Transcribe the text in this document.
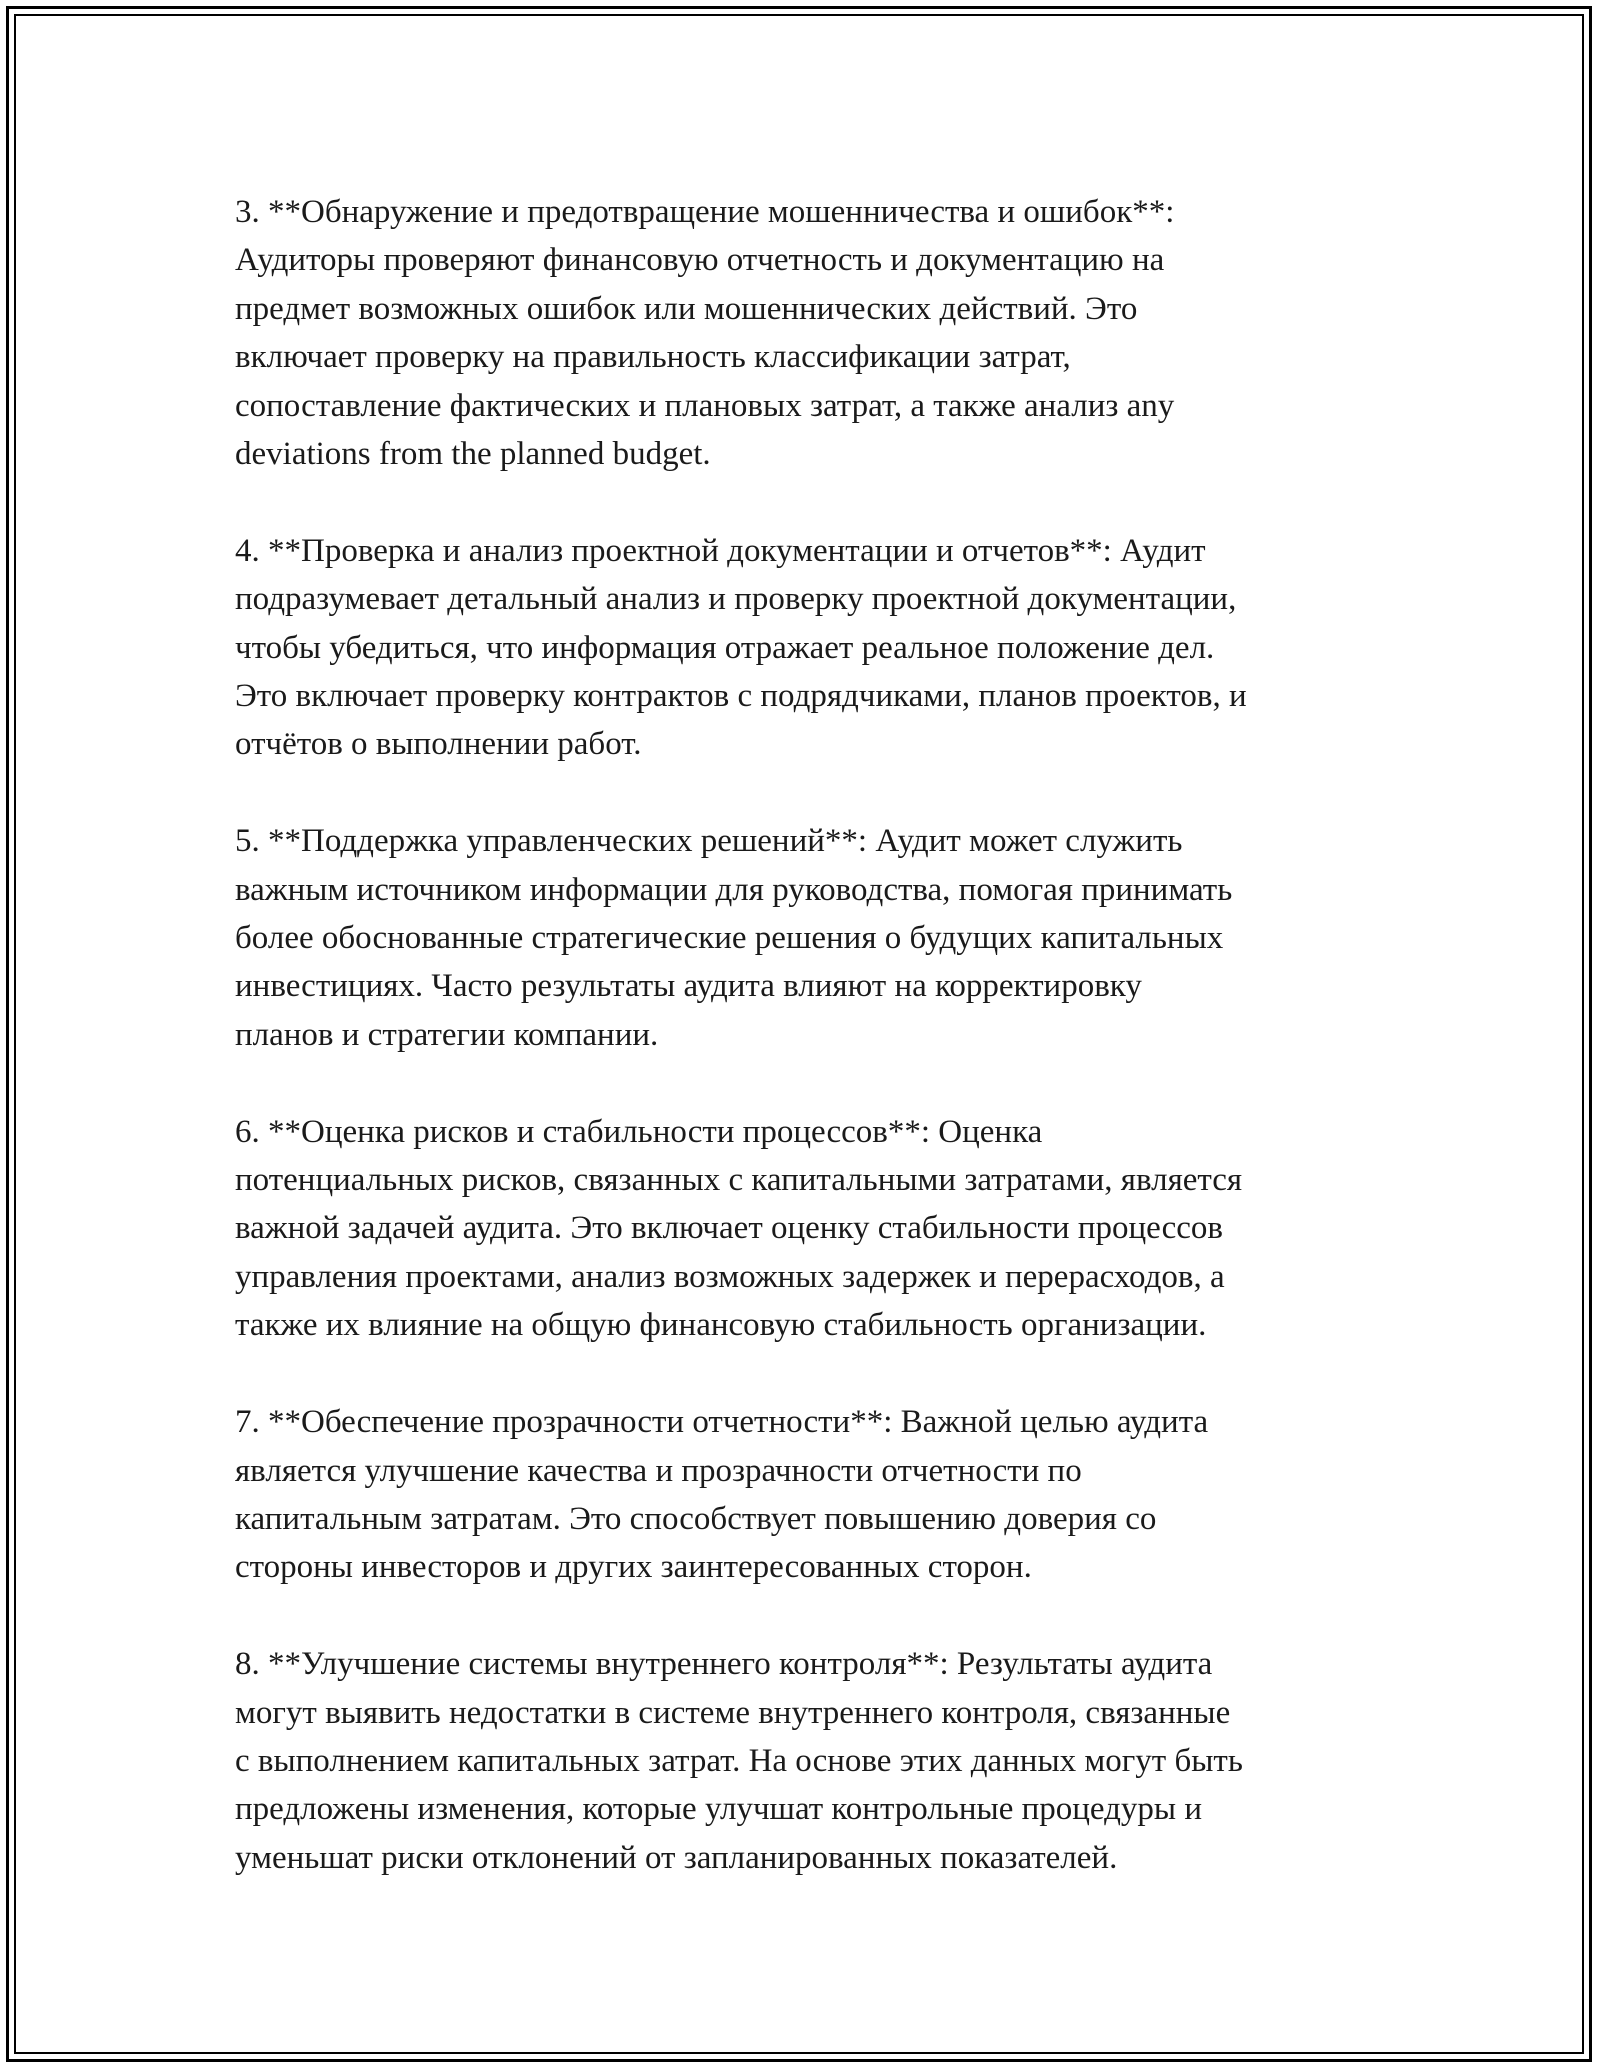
3. **Обнаружение и предотвращение мошенничества и ошибок**:
Аудиторы проверяют финансовую отчетность и документацию на
предмет возможных ошибок или мошеннических действий. Это
включает проверку на правильность классификации затрат,
сопоставление фактических и плановых затрат, а также анализ any
deviations from the planned budget.

4. **Проверка и анализ проектной документации и отчетов**: Аудит
подразумевает детальный анализ и проверку проектной документации,
чтобы убедиться, что информация отражает реальное положение дел.
Это включает проверку контрактов с подрядчиками, планов проектов, и
отчётов о выполнении работ.

5. **Поддержка управленческих решений**: Аудит может служить
важным источником информации для руководства, помогая принимать
более обоснованные стратегические решения о будущих капитальных
инвестициях. Часто результаты аудита влияют на корректировку
планов и стратегии компании.

6. **Оценка рисков и стабильности процессов**: Оценка
потенциальных рисков, связанных с капитальными затратами, является
важной задачей аудита. Это включает оценку стабильности процессов
управления проектами, анализ возможных задержек и перерасходов, а
также их влияние на общую финансовую стабильность организации.

7. **Обеспечение прозрачности отчетности**: Важной целью аудита
является улучшение качества и прозрачности отчетности по
капитальным затратам. Это способствует повышению доверия со
стороны инвесторов и других заинтересованных сторон.

8. **Улучшение системы внутреннего контроля**: Результаты аудита
могут выявить недостатки в системе внутреннего контроля, связанные
с выполнением капитальных затрат. На основе этих данных могут быть
предложены изменения, которые улучшат контрольные процедуры и
уменьшат риски отклонений от запланированных показателей.
